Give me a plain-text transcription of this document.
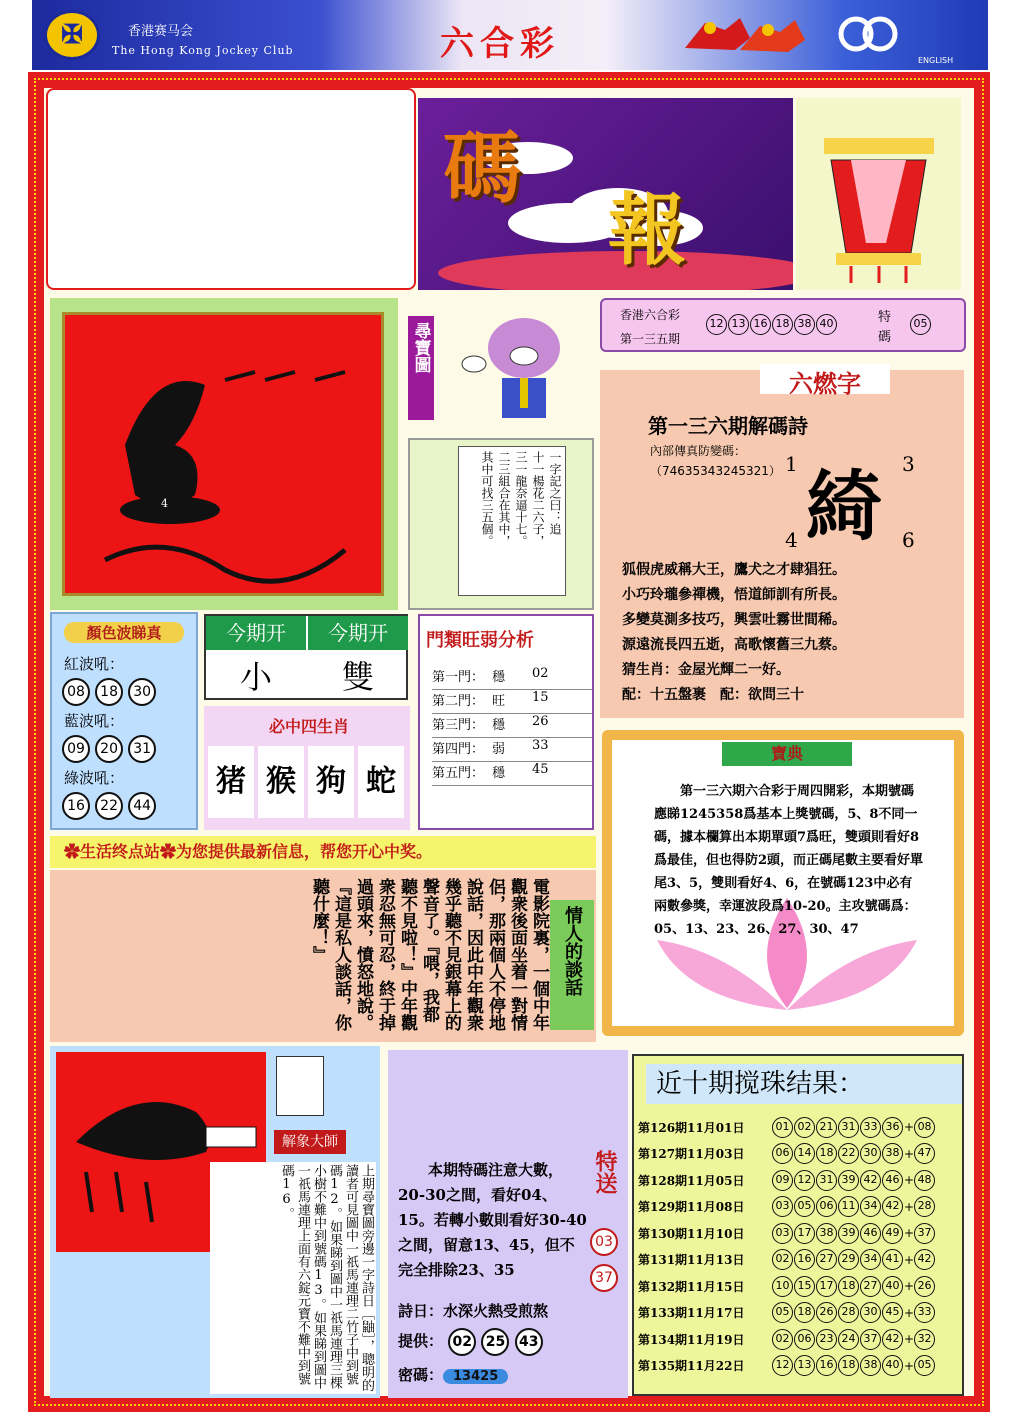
✠	香港赛马会
The Hong Kong Jockey Club	六合彩	ENGLISH
碼
報
4
尋寶圖
一字記之曰：追
十一楊花二六子，
三一龍奈逼十七。
二三組合在其中，
其中可找三五個。
香港六合彩
第一三五期
12 13 16 18 38 40	特碼
05
六燃字
第一三六期解碼詩
內部傳真防變碼：
（74635343245321） 綺
1	3
4	6
狐假虎威稱大王，鷹犬之才肆猖狂。
小巧玲瓏參禪機，悟道師訓有所長。
多變莫測多技巧，興雲吐霧世間稀。
源遠流長四五逝，高歌懷舊三九蔡。
猜生肖：金屋光輝二一好。
配：十五盤裹　配：欲問三十
顏色波睇真
紅波吼：
08 18 30
藍波吼：
09 20 31
綠波吼：
16 22 44
今期开	今期开
小	雙
必中四生肖
猪 猴 狗 蛇
門類旺弱分析
第一門： 穩	02
第二門： 旺	15
第三門： 穩	26
第四門： 弱	33
第五門： 穩	45
寶典
第一三六期六合彩于周四開彩，本期號碼應睇1245358爲基本上獎號碼，5、8不同一碼，據本欄算出本期單頭7爲旺，雙頭則看好8爲最佳，但也得防2頭，而正碼尾數主要看好單尾3、5，雙則看好4、6，在號碼123中必有兩數參獎，幸運波段爲10-20。主攻號碼爲：05、13、23、26、27、30、47
✿生活终点站✿为您提供最新信息，帮您开心中奖。
電影院裏，一個中年觀衆後面坐着一對情侶，那兩個人不停地說話，因此中年觀衆幾乎聽不見銀幕上的聲音了。『喂，我都聽不見啦！』中年觀衆忍無可忍，終于掉過頭來，憤怒地說。『這是私人談話，你聽什麼！』	情人的談話
解象大師
上期尋寶圖旁邊一字詩日［鼬］，聰明的讀者可見圖中一祇馬連理二竹子中到號碼12。如果睇到圖中一祇馬連理三棵小樹不難中到號碼13。如果睇到圖中一祇馬連理上面有六錠元寶不難中到號碼16。	本期特碼注意大數，20-30之間，看好04、15。若轉小數則看好30-40之間，留意13、45，但不完全排除23、35
特送
03
37
詩日：水深火熱受煎熬
提供： 02 25 43
密碼： 13425
近十期搅珠结果：
第126期11月01日	01 02 21 31 33 36 + 08
第127期11月03日	06 14 18 22 30 38 + 47
第128期11月05日	09 12 31 39 42 46 + 48
第129期11月08日	03 05 06 11 34 42 + 28
第130期11月10日	03 17 38 39 46 49 + 37
第131期11月13日	02 16 27 29 34 41 + 42
第132期11月15日	10 15 17 18 27 40 + 26
第133期11月17日	05 18 26 28 30 45 + 33
第134期11月19日	02 06 23 24 37 42 + 32
第135期11月22日	12 13 16 18 38 40 + 05
